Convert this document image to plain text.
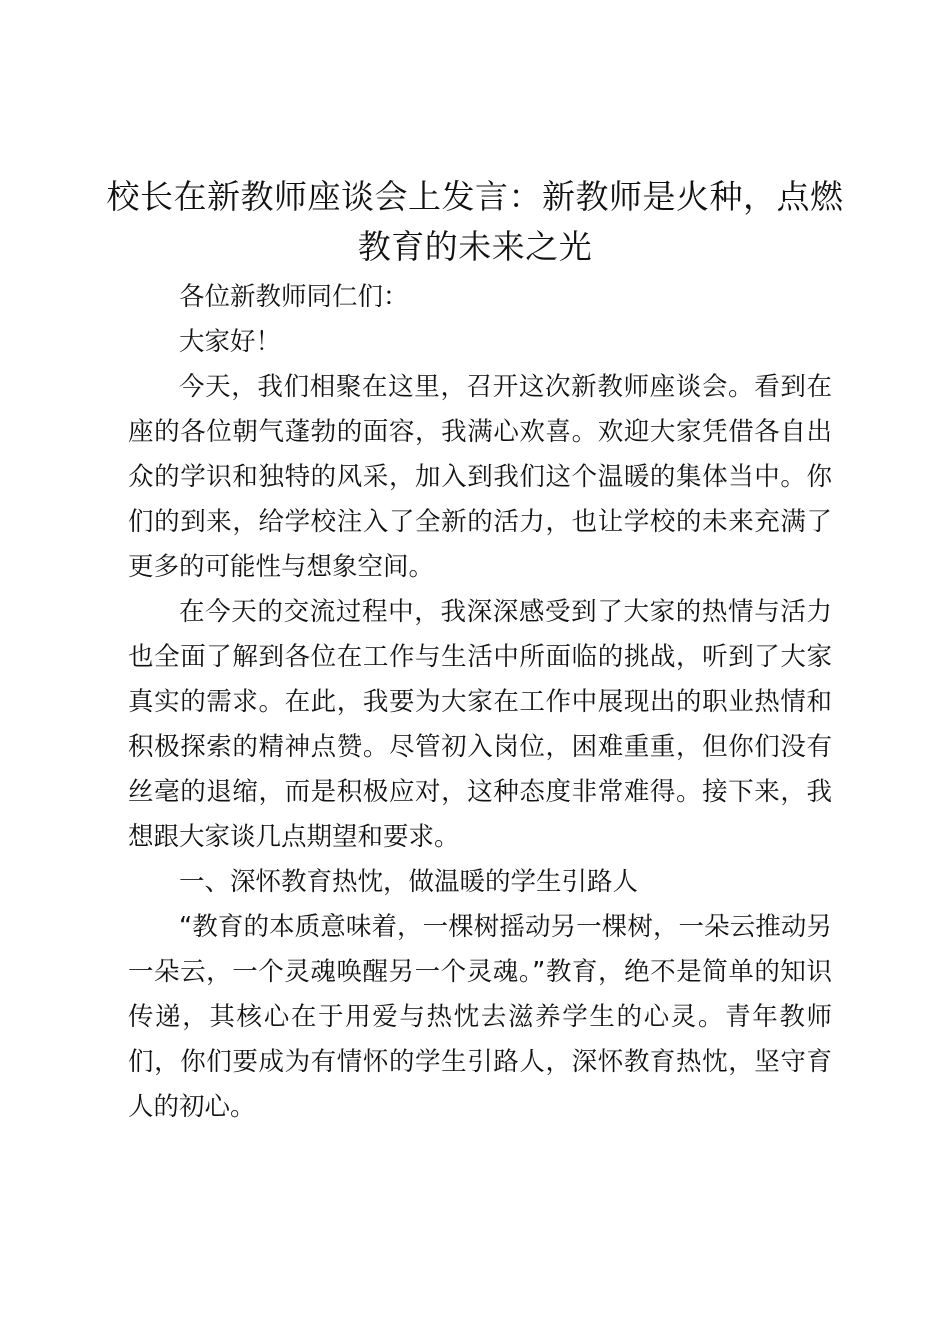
校长在新教师座谈会上发言：新教师是火种，点燃教育的未来之光

各位新教师同仁们：

大家好！

今天，我们相聚在这里，召开这次新教师座谈会。看到在座的各位朝气蓬勃的面容，我满心欢喜。欢迎大家凭借各自出众的学识和独特的风采，加入到我们这个温暖的集体当中。你们的到来，给学校注入了全新的活力，也让学校的未来充满了更多的可能性与想象空间。

在今天的交流过程中，我深深感受到了大家的热情与活力也全面了解到各位在工作与生活中所面临的挑战，听到了大家真实的需求。在此，我要为大家在工作中展现出的职业热情和积极探索的精神点赞。尽管初入岗位，困难重重，但你们没有丝毫的退缩，而是积极应对，这种态度非常难得。接下来，我想跟大家谈几点期望和要求。

一、深怀教育热忱，做温暖的学生引路人

“教育的本质意味着，一棵树摇动另一棵树，一朵云推动另一朵云，一个灵魂唤醒另一个灵魂。”教育，绝不是简单的知识传递，其核心在于用爱与热忱去滋养学生的心灵。青年教师们，你们要成为有情怀的学生引路人，深怀教育热忱，坚守育人的初心。
